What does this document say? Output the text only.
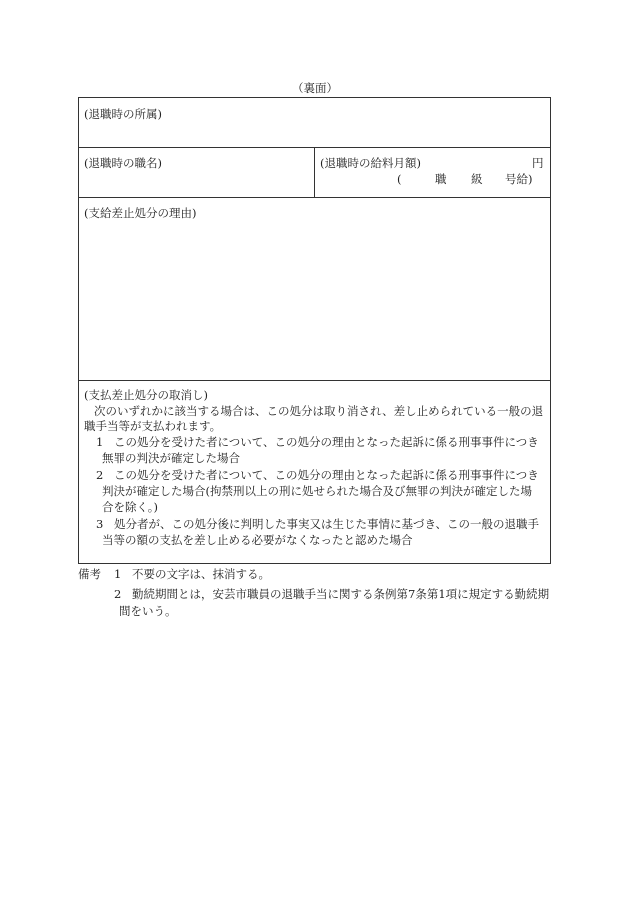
（裏面）
(退職時の所属)
(退職時の職名)	(退職時の給料月額)	円
(	職 級 号給)
(支給差止処分の理由)
(支払差止処分の取消し)
次のいずれかに該当する場合は、この処分は取り消され、差し止められている一般の退
職手当等が支払われます。
1 この処分を受けた者について、この処分の理由となった起訴に係る刑事事件につき
無罪の判決が確定した場合
2 この処分を受けた者について、この処分の理由となった起訴に係る刑事事件につき
判決が確定した場合(拘禁刑以上の刑に処せられた場合及び無罪の判決が確定した場
合を除く。)
3 処分者が、この処分後に判明した事実又は生じた事情に基づき、この一般の退職手
当等の額の支払を差し止める必要がなくなったと認めた場合
備考 1 不要の文字は、抹消する。
2 勤続期間とは，安芸市職員の退職手当に関する条例第7条第1項に規定する勤続期
間をいう。
